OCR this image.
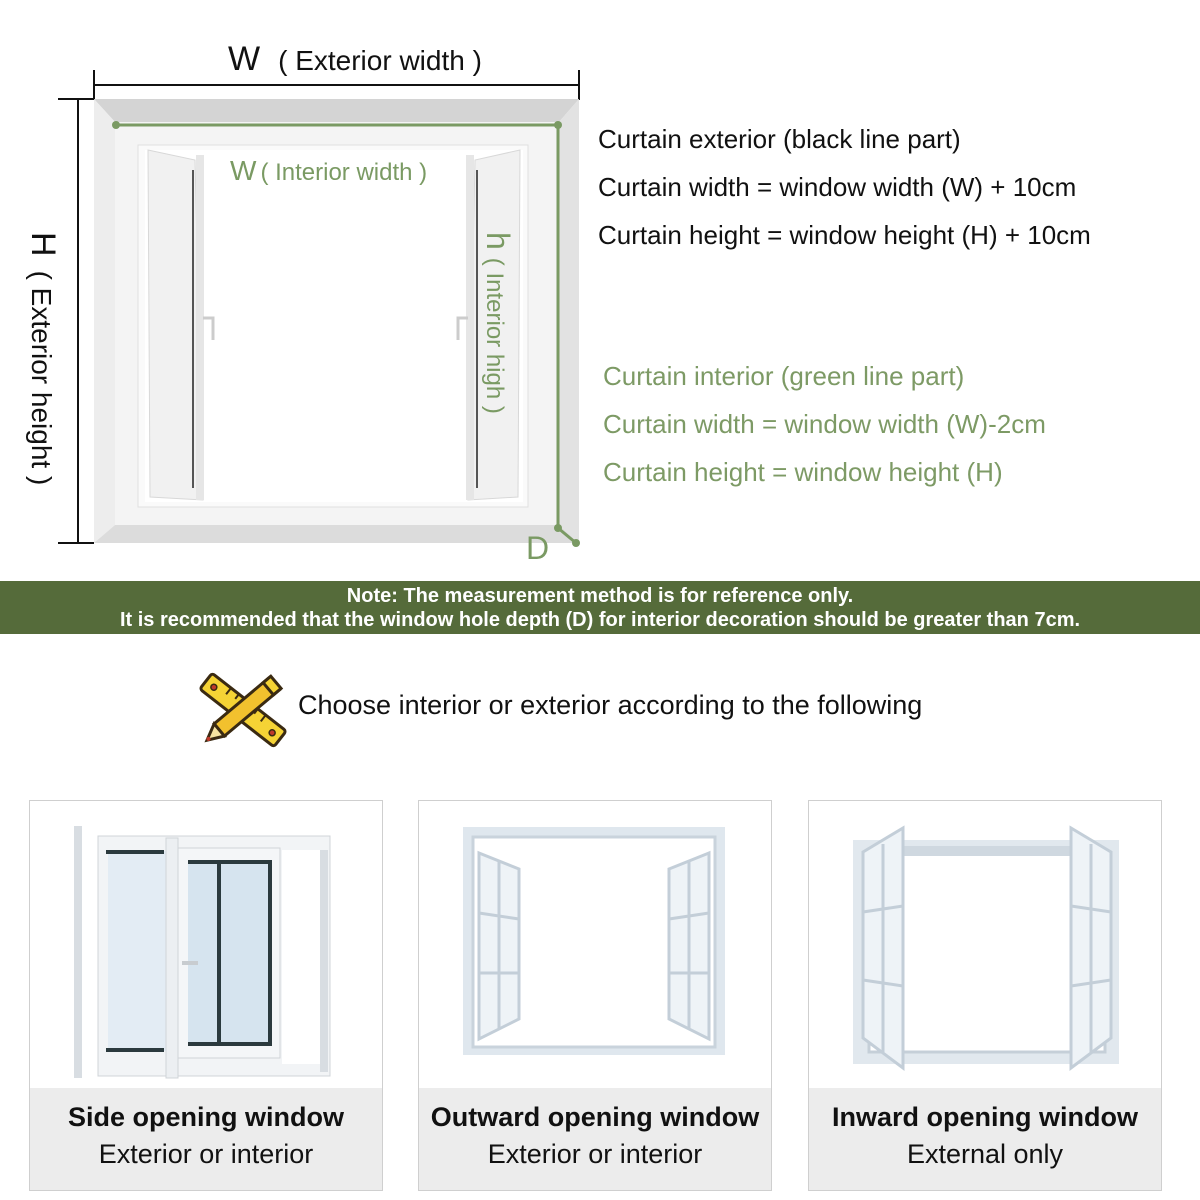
W ( Exterior width )
H( Exterior height )
W ( Interior width )
h( Interior high )
D
Curtain exterior (black line part)
Curtain width = window width (W) + 10cm
Curtain height = window height (H) + 10cm
Curtain interior (green line part)
Curtain width = window width (W)-2cm
Curtain height = window height (H)
Note: The measurement method is for reference only.
It is recommended that the window hole depth (D) for interior decoration should be greater than 7cm.
Choose interior or exterior according to the following
Side opening window
Exterior or interior
Outward opening window
Exterior or interior
Inward opening window
External only
